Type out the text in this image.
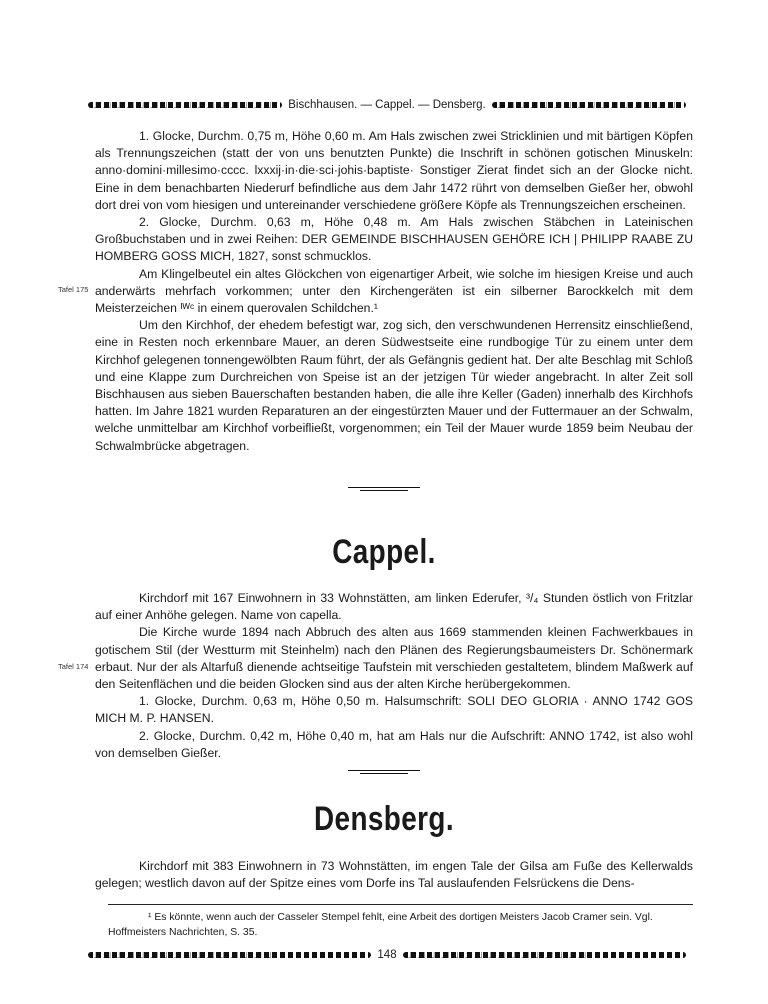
♩♩♩♩♩♩♩♩♩♩♩♩♩♩♩♩♩♩♩♩♩♩♩♩♩♩♩♩♩♩♩♩♩♩♩♩♩♩♩♩
Bischhausen. — Cappel. — Densberg.
♩♩♩♩♩♩♩♩♩♩♩♩♩♩♩♩♩♩♩♩♩♩♩♩♩♩♩♩♩♩♩♩♩♩♩♩♩♩♩♩

1. Glocke, Durchm. 0,75 m, Höhe 0,60 m. Am Hals zwischen zwei Stricklinien und mit bärtigen Köpfen als Trennungszeichen (statt der von uns benutzten Punkte) die Inschrift in schönen gotischen Minuskeln: anno·domini·millesimo·cccc. lxxxij·in·die·sci·johis·baptiste· Sonstiger Zierat findet sich an der Glocke nicht. Eine in dem benachbarten Niederurf befindliche aus dem Jahr 1472 rührt von demselben Gießer her, obwohl dort drei von vom hiesigen und untereinander verschiedene größere Köpfe als Trennungszeichen erscheinen.

2. Glocke, Durchm. 0,63 m, Höhe 0,48 m. Am Hals zwischen Stäbchen in Lateinischen Großbuchstaben und in zwei Reihen: DER GEMEINDE BISCHHAUSEN GEHÖRE ICH | PHILIPP RAABE ZU HOMBERG GOSS MICH, 1827, sonst schmucklos.

Am Klingelbeutel ein altes Glöckchen von eigenartiger Arbeit, wie solche im hiesigen Kreise und auch anderwärts mehrfach vorkommen; unter den Kirchengeräten ist ein silberner Barockkelch mit dem Meisterzeichen ᴵᵂᶜ in einem querovalen Schildchen.¹

Um den Kirchhof, der ehedem befestigt war, zog sich, den verschwundenen Herrensitz einschließend, eine in Resten noch erkennbare Mauer, an deren Südwestseite eine rundbogige Tür zu einem unter dem Kirchhof gelegenen tonnengewölbten Raum führt, der als Gefängnis gedient hat. Der alte Beschlag mit Schloß und eine Klappe zum Durchreichen von Speise ist an der jetzigen Tür wieder angebracht. In alter Zeit soll Bischhausen aus sieben Bauerschaften bestanden haben, die alle ihre Keller (Gaden) innerhalb des Kirchhofs hatten. Im Jahre 1821 wurden Reparaturen an der eingestürzten Mauer und der Futtermauer an der Schwalm, welche unmittelbar am Kirchhof vorbeifließt, vorgenommen; ein Teil der Mauer wurde 1859 beim Neubau der Schwalmbrücke abgetragen.

Tafel 175
Cappel.

Kirchdorf mit 167 Einwohnern in 33 Wohnstätten, am linken Ederufer, ³/₄ Stunden östlich von Fritzlar auf einer Anhöhe gelegen. Name von capella.

Die Kirche wurde 1894 nach Abbruch des alten aus 1669 stammenden kleinen Fachwerkbaues in gotischem Stil (der Westturm mit Steinhelm) nach den Plänen des Regierungsbaumeisters Dr. Schönermark erbaut. Nur der als Altarfuß dienende achtseitige Taufstein mit verschieden gestaltetem, blindem Maßwerk auf den Seitenflächen und die beiden Glocken sind aus der alten Kirche herübergekommen.

1. Glocke, Durchm. 0,63 m, Höhe 0,50 m. Halsumschrift: SOLI DEO GLORIA · ANNO 1742 GOS MICH M. P. HANSEN.

2. Glocke, Durchm. 0,42 m, Höhe 0,40 m, hat am Hals nur die Aufschrift: ANNO 1742, ist also wohl von demselben Gießer.

Tafel 174
Densberg.

Kirchdorf mit 383 Einwohnern in 73 Wohnstätten, im engen Tale der Gilsa am Fuße des Kellerwalds gelegen; westlich davon auf der Spitze eines vom Dorfe ins Tal auslaufenden Felsrückens die Dens-

¹ Es könnte, wenn auch der Casseler Stempel fehlt, eine Arbeit des dortigen Meisters Jacob Cramer sein. Vgl. Hoffmeisters Nachrichten, S. 35.
♩♩♩♩♩♩♩♩♩♩♩♩♩♩♩♩♩♩♩♩♩♩♩♩♩♩♩♩♩♩♩♩♩♩♩♩♩♩♩♩
148
♩♩♩♩♩♩♩♩♩♩♩♩♩♩♩♩♩♩♩♩♩♩♩♩♩♩♩♩♩♩♩♩♩♩♩♩♩♩♩♩
